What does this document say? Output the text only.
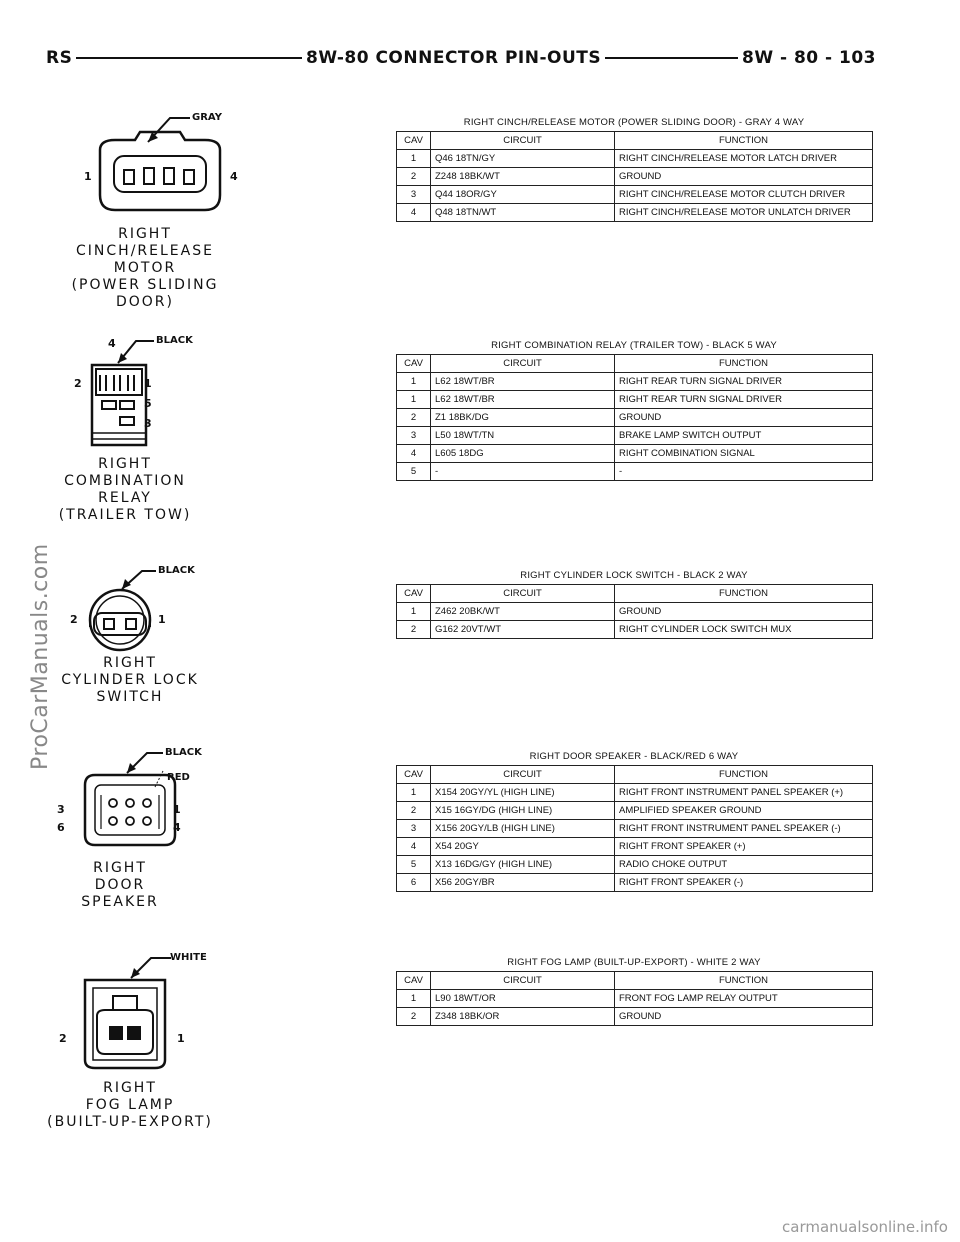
RS	8W-80 CONNECTOR PIN-OUTS	8W - 80 - 103
GRAY
1	4
RIGHT
CINCH/RELEASE
MOTOR
(POWER SLIDING DOOR)
RIGHT CINCH/RELEASE MOTOR (POWER SLIDING DOOR) - GRAY 4 WAY
CAV	CIRCUIT	FUNCTION
1	Q46 18TN/GY	RIGHT CINCH/RELEASE MOTOR LATCH DRIVER
2	Z248 18BK/WT	GROUND
3	Q44 18OR/GY	RIGHT CINCH/RELEASE MOTOR CLUTCH DRIVER
4	Q48 18TN/WT	RIGHT CINCH/RELEASE MOTOR UNLATCH DRIVER
BLACK
4
2	1
5
3
RIGHT
COMBINATION
RELAY
(TRAILER TOW)
RIGHT COMBINATION RELAY (TRAILER TOW) - BLACK 5 WAY
CAV	CIRCUIT	FUNCTION
1	L62 18WT/BR	RIGHT REAR TURN SIGNAL DRIVER
1	L62 18WT/BR	RIGHT REAR TURN SIGNAL DRIVER
2	Z1 18BK/DG	GROUND
3	L50 18WT/TN	BRAKE LAMP SWITCH OUTPUT
4	L605 18DG	RIGHT COMBINATION SIGNAL
5	-	-
BLACK
2	1
RIGHT
CYLINDER LOCK
SWITCH
RIGHT CYLINDER LOCK SWITCH - BLACK 2 WAY
CAV	CIRCUIT	FUNCTION
1	Z462 20BK/WT	GROUND
2	G162 20VT/WT	RIGHT CYLINDER LOCK SWITCH MUX
BLACK
RED
3	1
6	4
RIGHT
DOOR
SPEAKER
RIGHT DOOR SPEAKER - BLACK/RED 6 WAY
CAV	CIRCUIT	FUNCTION
1	X154 20GY/YL (HIGH LINE)	RIGHT FRONT INSTRUMENT PANEL SPEAKER (+)
2	X15 16GY/DG (HIGH LINE)	AMPLIFIED SPEAKER GROUND
3	X156 20GY/LB (HIGH LINE)	RIGHT FRONT INSTRUMENT PANEL SPEAKER (-)
4	X54 20GY	RIGHT FRONT SPEAKER (+)
5	X13 16DG/GY (HIGH LINE)	RADIO CHOKE OUTPUT
6	X56 20GY/BR	RIGHT FRONT SPEAKER (-)
WHITE
2	1
RIGHT
FOG LAMP
(BUILT-UP-EXPORT)
RIGHT FOG LAMP (BUILT-UP-EXPORT) - WHITE 2 WAY
CAV	CIRCUIT	FUNCTION
1	L90 18WT/OR	FRONT FOG LAMP RELAY OUTPUT
2	Z348 18BK/OR	GROUND
ProCarManuals.com
carmanualsonline.info
